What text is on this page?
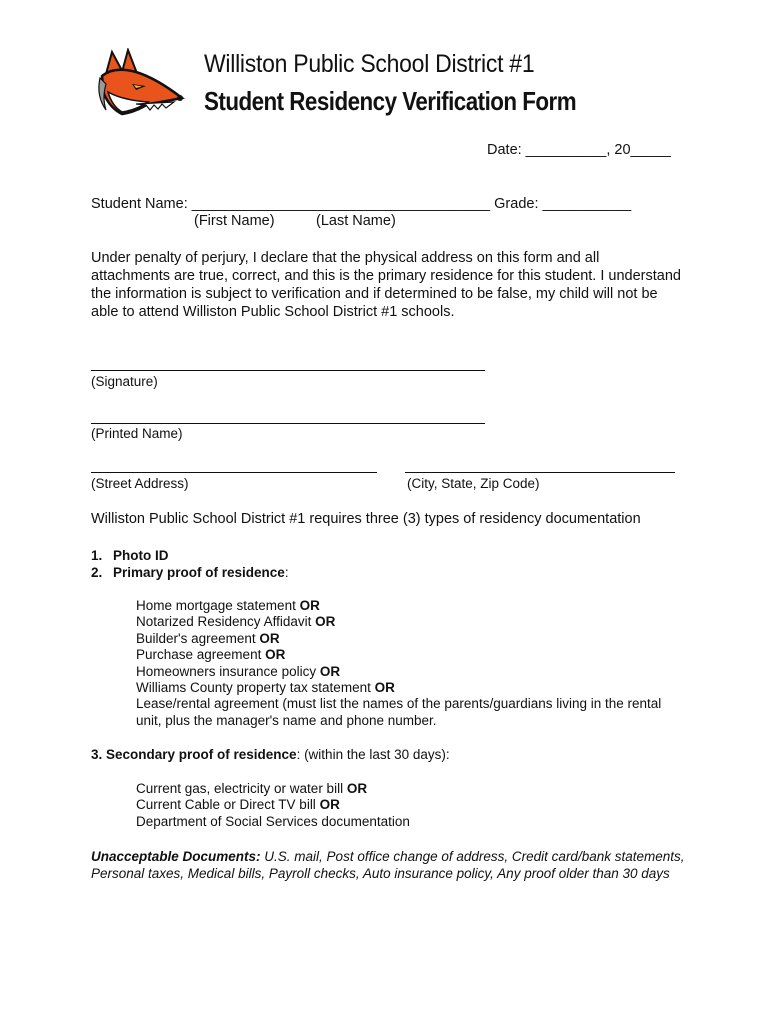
Williston Public School District #1
Student Residency Verification Form
Date: __________, 20_____
Student Name: _____________________________________ Grade: ___________
(First Name)	(Last Name)
Under penalty of perjury, I declare that the physical address on this form and all attachments are true, correct, and this is the primary residence for this student. I understand the information is subject to verification and if determined to be false, my child will not be able to attend Williston Public School District #1 schools.
(Signature)
(Printed Name)
(Street Address)	(City, State, Zip Code)
Williston Public School District #1 requires three (3) types of residency documentation
1. Photo ID
2. Primary proof of residence:
Home mortgage statement OR
Notarized Residency Affidavit OR
Builder's agreement OR
Purchase agreement OR
Homeowners insurance policy OR
Williams County property tax statement OR
Lease/rental agreement (must list the names of the parents/guardians living in the rental unit, plus the manager's name and phone number.
3. Secondary proof of residence: (within the last 30 days):
Current gas, electricity or water bill OR
Current Cable or Direct TV bill OR
Department of Social Services documentation
Unacceptable Documents: U.S. mail, Post office change of address, Credit card/bank statements, Personal taxes, Medical bills, Payroll checks, Auto insurance policy, Any proof older than 30 days
